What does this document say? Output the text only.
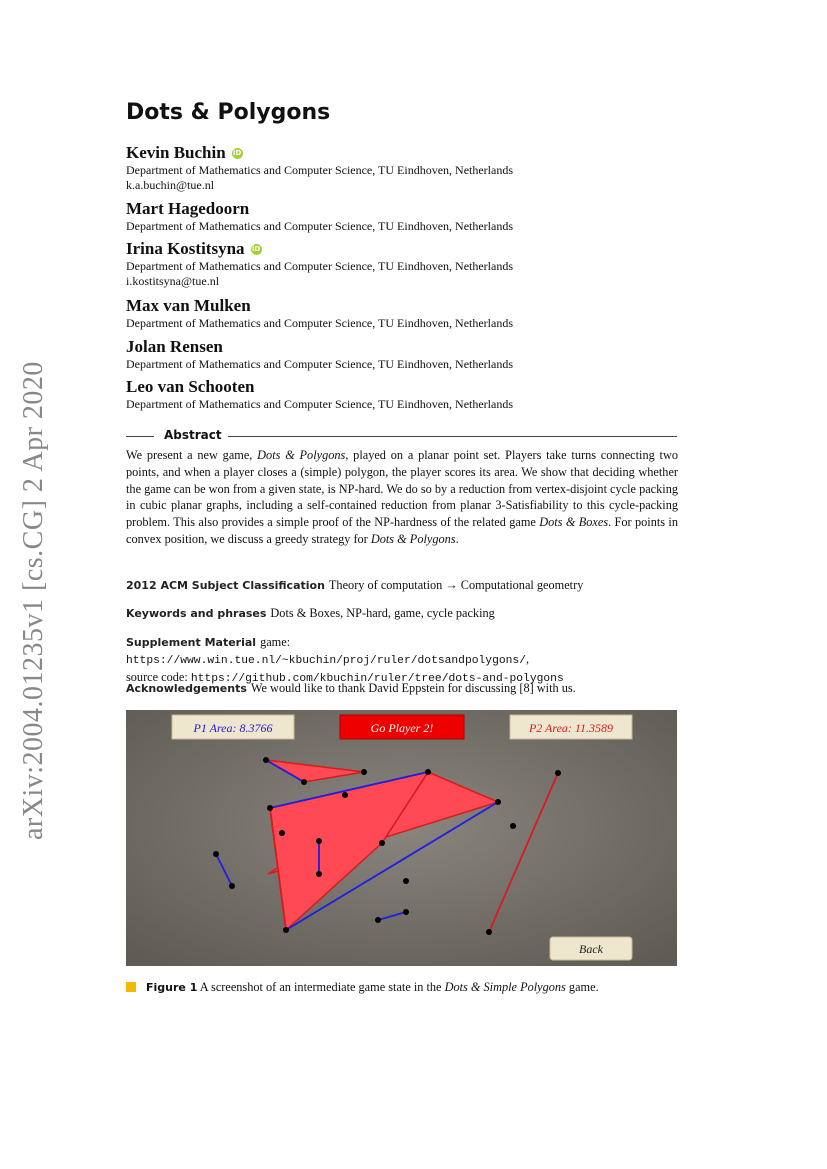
arXiv:2004.01235v1 [cs.CG] 2 Apr 2020
Dots & Polygons
Kevin Buchin iD
Department of Mathematics and Computer Science, TU Eindhoven, Netherlands
k.a.buchin@tue.nl
Mart Hagedoorn
Department of Mathematics and Computer Science, TU Eindhoven, Netherlands
Irina Kostitsyna iD
Department of Mathematics and Computer Science, TU Eindhoven, Netherlands
i.kostitsyna@tue.nl
Max van Mulken
Department of Mathematics and Computer Science, TU Eindhoven, Netherlands
Jolan Rensen
Department of Mathematics and Computer Science, TU Eindhoven, Netherlands
Leo van Schooten
Department of Mathematics and Computer Science, TU Eindhoven, Netherlands
Abstract
We present a new game, Dots & Polygons, played on a planar point set. Players take turns connecting two points, and when a player closes a (simple) polygon, the player scores its area. We show that deciding whether the game can be won from a given state, is NP-hard. We do so by a reduction from vertex-disjoint cycle packing in cubic planar graphs, including a self-contained reduction from planar 3-Satisfiability to this cycle-packing problem. This also provides a simple proof of the NP-hardness of the related game Dots & Boxes. For points in convex position, we discuss a greedy strategy for Dots & Polygons.
2012 ACM Subject Classification Theory of computation → Computational geometry
Keywords and phrases Dots & Boxes, NP-hard, game, cycle packing
Supplement Material game: https://www.win.tue.nl/~kbuchin/proj/ruler/dotsandpolygons/,
source code: https://github.com/kbuchin/ruler/tree/dots-and-polygons
Acknowledgements We would like to thank David Eppstein for discussing [8] with us.
P1 Area: 8.3766	Go Player 2!	P2 Area: 11.3589
Back
Figure 1 A screenshot of an intermediate game state in the Dots & Simple Polygons game.
